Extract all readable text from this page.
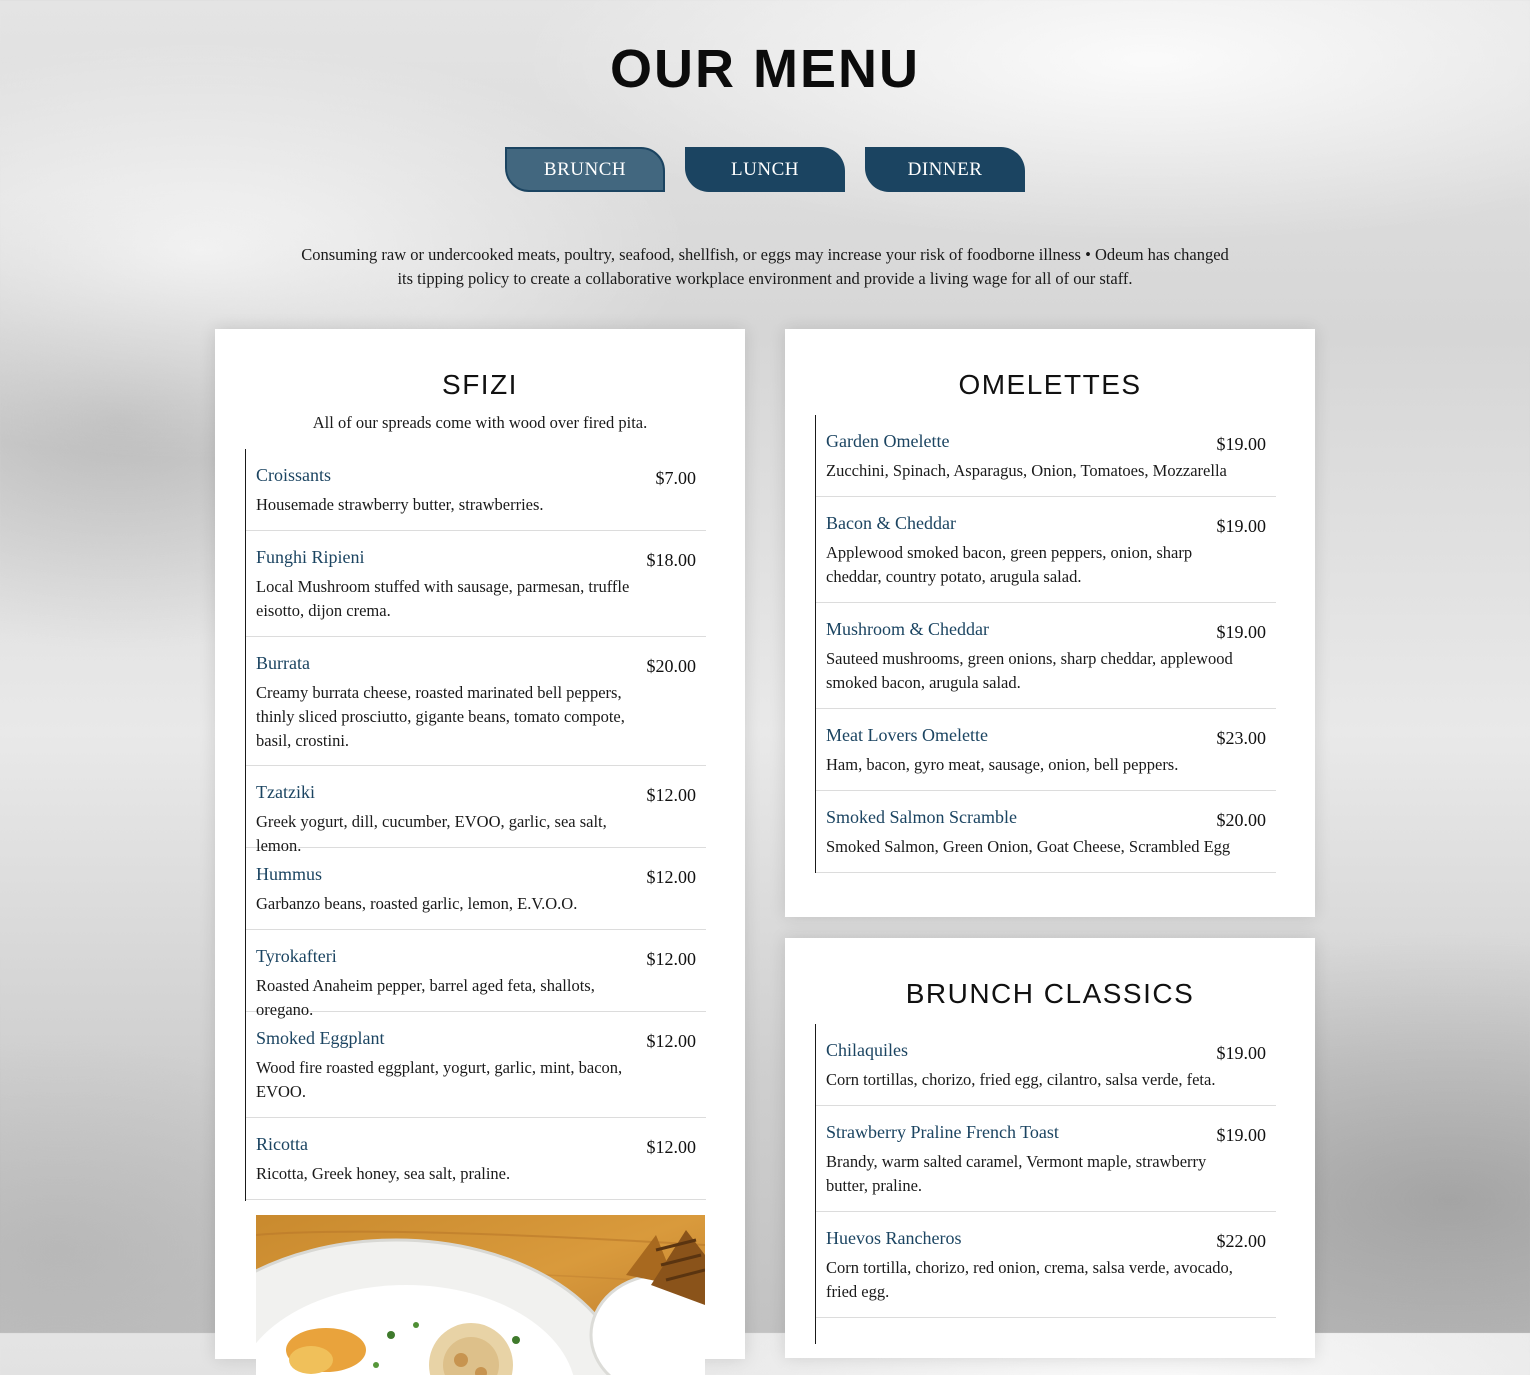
OUR MENU
BRUNCH	LUNCH	DINNER

Consuming raw or undercooked meats, poultry, seafood, shellfish, or eggs may increase your risk of foodborne illness • Odeum has changed its tipping policy to create a collaborative workplace environment and provide a living wage for all of our staff.

SFIZI
All of our spreads come with wood over fired pita.
Croissants	$7.00
Housemade strawberry butter, strawberries.
Funghi Ripieni	$18.00
Local Mushroom stuffed with sausage, parmesan, truffle eisotto, dijon crema.
Burrata	$20.00
Creamy burrata cheese, roasted marinated bell peppers, thinly sliced prosciutto, gigante beans, tomato compote, basil, crostini.
Tzatziki	$12.00
Greek yogurt, dill, cucumber, EVOO, garlic, sea salt, lemon.
Hummus	$12.00
Garbanzo beans, roasted garlic, lemon, E.V.O.O.
Tyrokafteri	$12.00
Roasted Anaheim pepper, barrel aged feta, shallots, oregano.
Smoked Eggplant	$12.00
Wood fire roasted eggplant, yogurt, garlic, mint, bacon, EVOO.
Ricotta	$12.00
Ricotta, Greek honey, sea salt, praline.
OMELETTES
Garden Omelette	$19.00
Zucchini, Spinach, Asparagus, Onion, Tomatoes, Mozzarella
Bacon & Cheddar	$19.00
Applewood smoked bacon, green peppers, onion, sharp cheddar, country potato, arugula salad.
Mushroom & Cheddar	$19.00
Sauteed mushrooms, green onions, sharp cheddar, applewood smoked bacon, arugula salad.
Meat Lovers Omelette	$23.00
Ham, bacon, gyro meat, sausage, onion, bell peppers.
Smoked Salmon Scramble	$20.00
Smoked Salmon, Green Onion, Goat Cheese, Scrambled Egg
BRUNCH CLASSICS
Chilaquiles	$19.00
Corn tortillas, chorizo, fried egg, cilantro, salsa verde, feta.
Strawberry Praline French Toast	$19.00
Brandy, warm salted caramel, Vermont maple, strawberry butter, praline.
Huevos Rancheros	$22.00
Corn tortilla, chorizo, red onion, crema, salsa verde, avocado, fried egg.
